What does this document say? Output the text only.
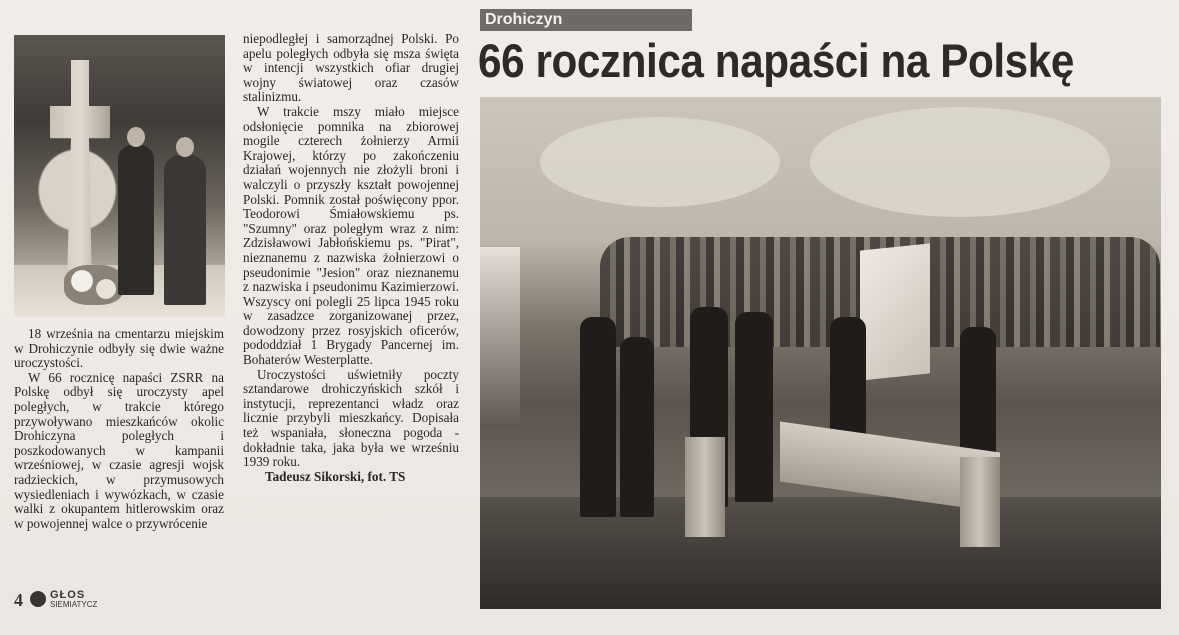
18 września na cmentarzu miejskim w Drohiczynie odbyły się dwie ważne uroczystości.

W 66 rocznicę napaści ZSRR na Polskę odbył się uroczysty apel poległych, w trakcie którego przywoływano mieszkańców okolic Drohiczyna poległych i poszkodowanych w kampanii wrześniowej, w czasie agresji wojsk radzieckich, w przymusowych wysiedleniach i wywózkach, w czasie walki z okupantem hitlerowskim oraz w powojennej walce o przywrócenie

niepodległej i samorządnej Polski. Po apelu poległych odbyła się msza święta w intencji wszystkich ofiar drugiej wojny światowej oraz czasów stalinizmu.

W trakcie mszy miało miejsce odsłonięcie pomnika na zbiorowej mogile czterech żołnierzy Armii Krajowej, którzy po zakończeniu działań wojennych nie złożyli broni i walczyli o przyszły kształt powojennej Polski. Pomnik został poświęcony ppor. Teodorowi Śmiałowskiemu ps. "Szumny" oraz poległym wraz z nim: Zdzisławowi Jabłońskiemu ps. "Pirat", nieznanemu z nazwiska żołnierzowi o pseudonimie "Jesion" oraz nieznanemu z nazwiska i pseudonimu Kazimierzowi. Wszyscy oni polegli 25 lipca 1945 roku w zasadzce zorganizowanej przez, dowodzony przez rosyjskich oficerów, pododdział 1 Brygady Pancernej im. Bohaterów Westerplatte.

Uroczystości uświetniły poczty sztandarowe drohiczyńskich szkół i instytucji, reprezentanci władz oraz licznie przybyli mieszkańcy. Dopisała też wspaniała, słoneczna pogoda - dokładnie taka, jaka była we wrześniu 1939 roku.

Tadeusz Sikorski, fot. TS

4 GŁOS
SIEMIATYCZ
Drohiczyn
66 rocznica napaści na Polskę
